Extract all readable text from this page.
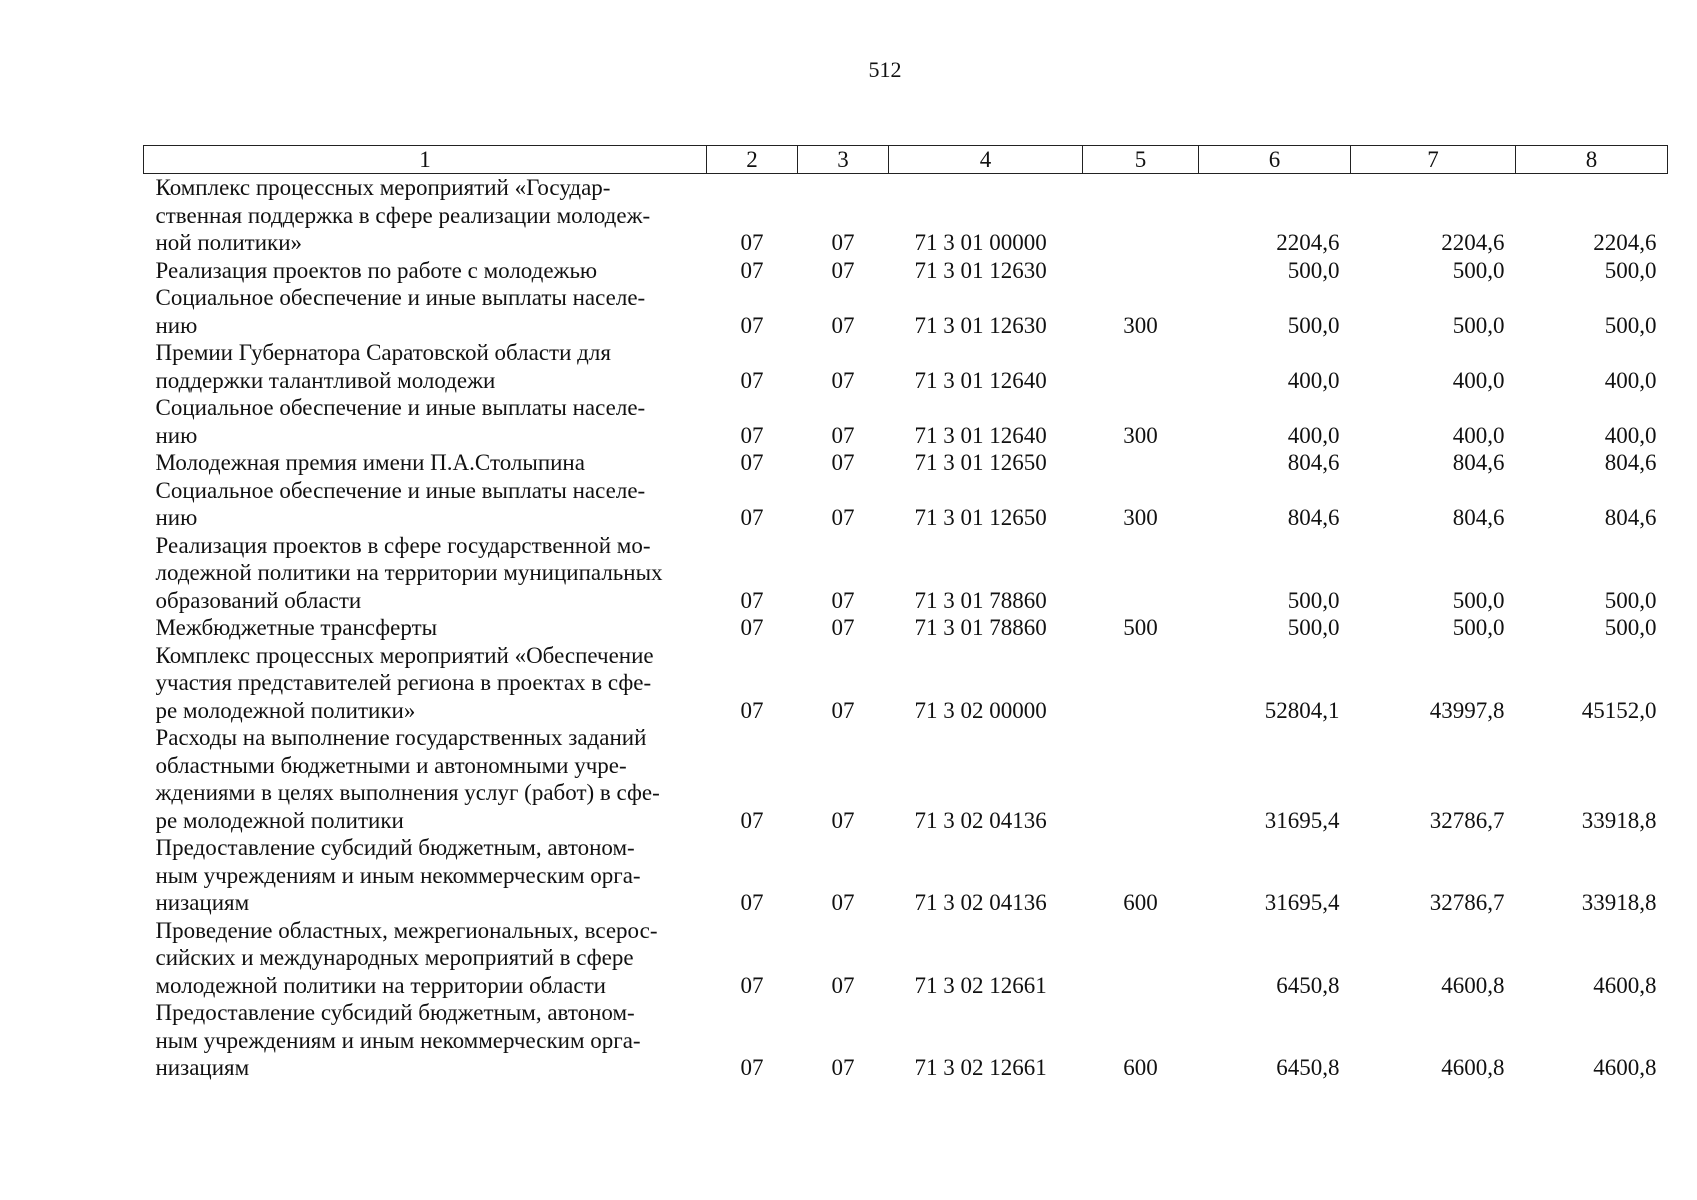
512
1	2	3	4	5	6	7	8

Комплекс процессных мероприятий «Государ-
ственная поддержка в сфере реализации молодеж-
ной политики»	07	07	71 3 01 00000		2204,6	2204,6	2204,6

Реализация проектов по работе с молодежью	07	07	71 3 01 12630		500,0	500,0	500,0

Социальное обеспечение и иные выплаты населе-
нию	07	07	71 3 01 12630	300	500,0	500,0	500,0

Премии Губернатора Саратовской области для
поддержки талантливой молодежи	07	07	71 3 01 12640		400,0	400,0	400,0

Социальное обеспечение и иные выплаты населе-
нию	07	07	71 3 01 12640	300	400,0	400,0	400,0

Молодежная премия имени П.А.Столыпина	07	07	71 3 01 12650		804,6	804,6	804,6

Социальное обеспечение и иные выплаты населе-
нию	07	07	71 3 01 12650	300	804,6	804,6	804,6

Реализация проектов в сфере государственной мо-
лодежной политики на территории муниципальных
образований области	07	07	71 3 01 78860		500,0	500,0	500,0

Межбюджетные трансферты	07	07	71 3 01 78860	500	500,0	500,0	500,0

Комплекс процессных мероприятий «Обеспечение
участия представителей региона в проектах в сфе-
ре молодежной политики»	07	07	71 3 02 00000		52804,1	43997,8	45152,0

Расходы на выполнение государственных заданий
областными бюджетными и автономными учре-
ждениями в целях выполнения услуг (работ) в сфе-
ре молодежной политики	07	07	71 3 02 04136		31695,4	32786,7	33918,8

Предоставление субсидий бюджетным, автоном-
ным учреждениям и иным некоммерческим орга-
низациям	07	07	71 3 02 04136	600	31695,4	32786,7	33918,8

Проведение областных, межрегиональных, всерос-
сийских и международных мероприятий в сфере
молодежной политики на территории области	07	07	71 3 02 12661		6450,8	4600,8	4600,8

Предоставление субсидий бюджетным, автоном-
ным учреждениям и иным некоммерческим орга-
низациям	07	07	71 3 02 12661	600	6450,8	4600,8	4600,8
